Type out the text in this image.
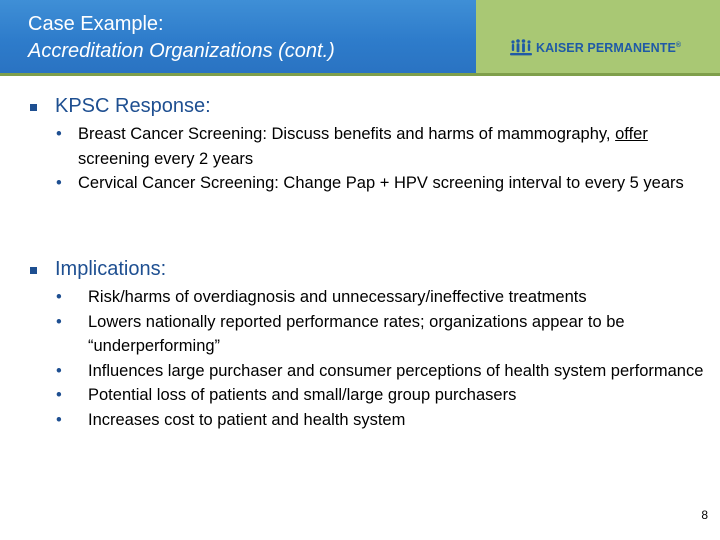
Case Example:
Accreditation Organizations (cont.)	KAISER PERMANENTE®
KPSC Response:
• Breast Cancer Screening: Discuss benefits and harms of mammography, offer screening every 2 years
• Cervical Cancer Screening: Change Pap + HPV screening interval to every 5 years
Implications:
• Risk/harms of overdiagnosis and unnecessary/ineffective treatments
• Lowers nationally reported performance rates; organizations appear to be “underperforming”
• Influences large purchaser and consumer perceptions of health system performance
• Potential loss of patients and small/large group purchasers
• Increases cost to patient and health system
8
